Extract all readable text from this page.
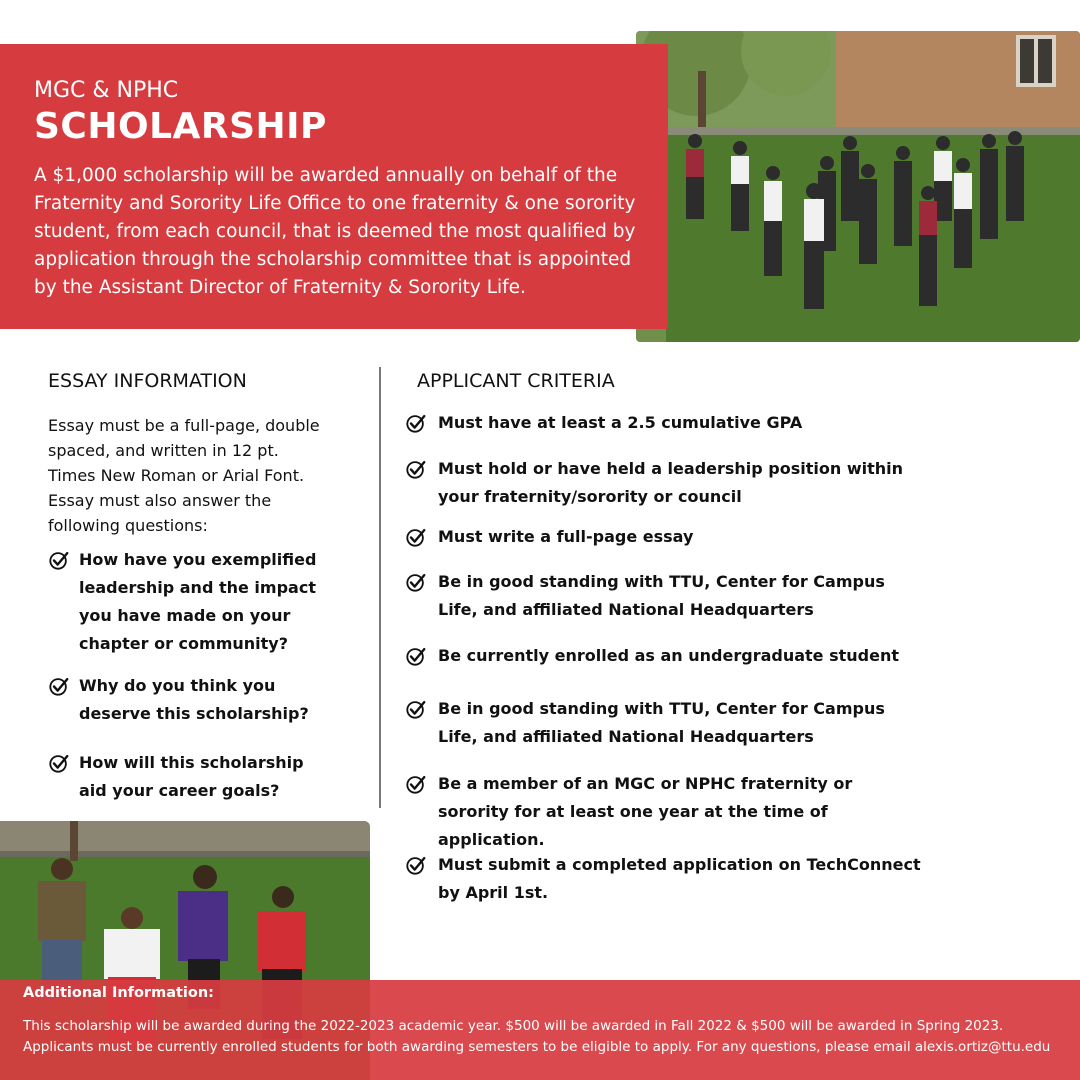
MGC & NPHC
SCHOLARSHIP

A $1,000 scholarship will be awarded annually on behalf of the Fraternity and Sorority Life Office to one fraternity & one sorority student, from each council, that is deemed the most qualified by application through the scholarship committee that is appointed by the Assistant Director of Fraternity & Sorority Life.

ESSAY INFORMATION

Essay must be a full-page, double spaced, and written in 12 pt. Times New Roman or Arial Font. Essay must also answer the following questions:

How have you exemplified leadership and the impact you have made on your chapter or community?
Why do you think you deserve this scholarship?
How will this scholarship aid your career goals?
APPLICANT CRITERIA
Must have at least a 2.5 cumulative GPA
Must hold or have held a leadership position within your fraternity/sorority or council
Must write a full-page essay
Be in good standing with TTU, Center for Campus Life, and affiliated National Headquarters
Be currently enrolled as an undergraduate student
Be in good standing with TTU, Center for Campus Life, and affiliated National Headquarters
Be a member of an MGC or NPHC fraternity or sorority for at least one year at the time of application.
Must submit a completed application on TechConnect by April 1st.
Additional Information:

This scholarship will be awarded during the 2022-2023 academic year. $500 will be awarded in Fall 2022 & $500 will be awarded in Spring 2023. Applicants must be currently enrolled students for both awarding semesters to be eligible to apply. For any questions, please email alexis.ortiz@ttu.edu
